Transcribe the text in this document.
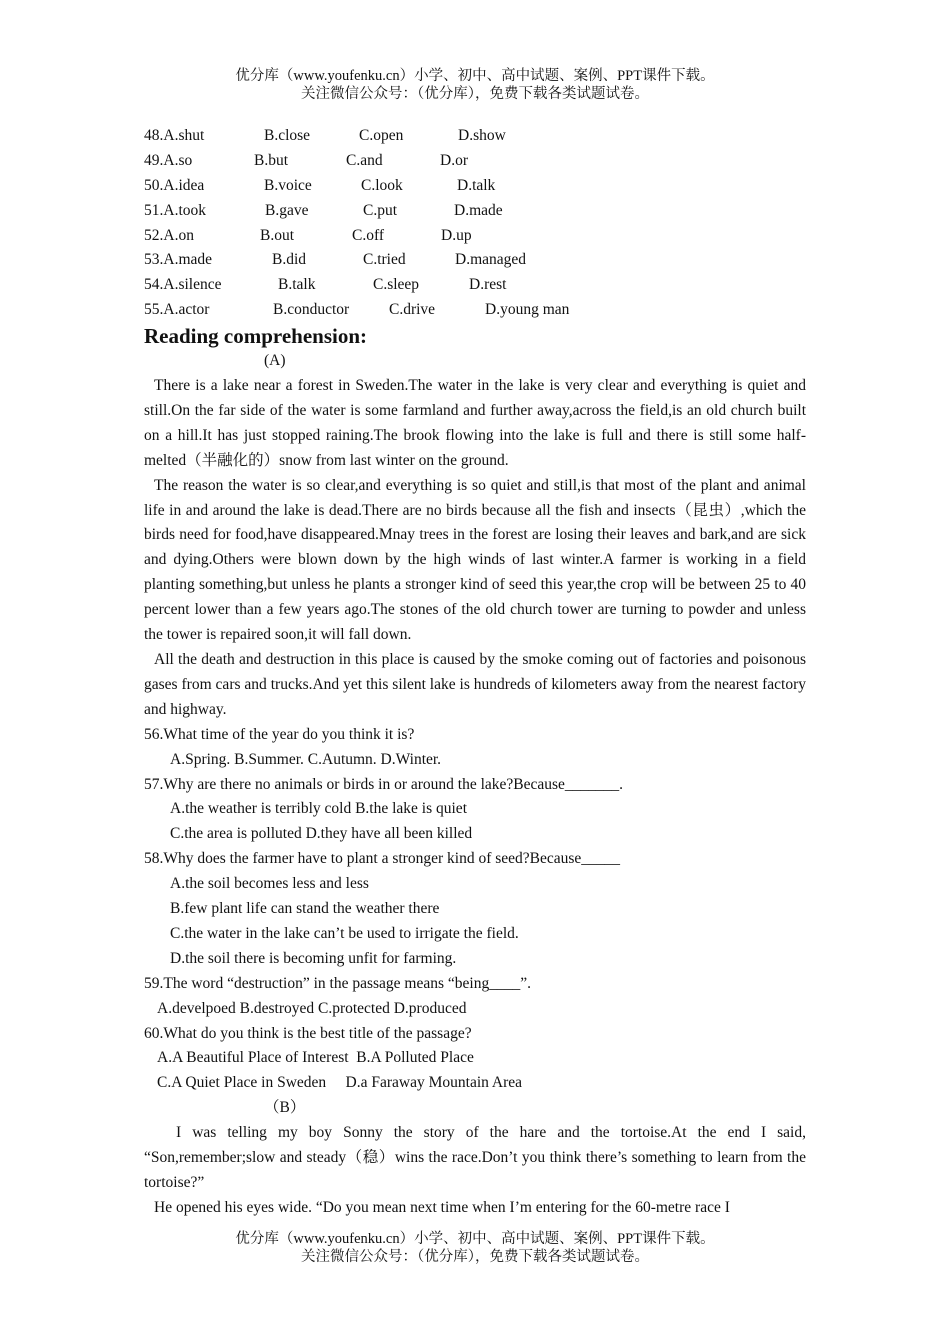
优分库（www.youfenku.cn）小学、初中、高中试题、案例、PPT课件下载。
关注微信公众号：（优分库），免费下载各类试题试卷。
48.A.shut	B.close	C.open	D.show
49.A.so	B.but	C.and	D.or
50.A.idea	B.voice	C.look	D.talk
51.A.took	B.gave	C.put	D.made
52.A.on	B.out	C.off	D.up
53.A.made	B.did	C.tried	D.managed
54.A.silence	B.talk	C.sleep	D.rest
55.A.actor	B.conductor	C.drive	D.young man
Reading comprehension:
(A)
There is a lake near a forest in Sweden.The water in the lake is very clear and everything is quiet and still.On the far side of the water is some farmland and further away,across the field,is an old church built on a hill.It has just stopped raining.The brook flowing into the lake is full and there is still some half-melted（半融化的）snow from last winter on the ground.
The reason the water is so clear,and everything is so quiet and still,is that most of the plant and animal life in and around the lake is dead.There are no birds because all the fish and insects（昆虫）,which the birds need for food,have disappeared.Mnay trees in the forest are losing their leaves and bark,and are sick and dying.Others were blown down by the high winds of last winter.A farmer is working in a field planting something,but unless he plants a stronger kind of seed this year,the crop will be between 25 to 40 percent lower than a few years ago.The stones of the old church tower are turning to powder and unless the tower is repaired soon,it will fall down.
All the death and destruction in this place is caused by the smoke coming out of factories and poisonous gases from cars and trucks.And yet this silent lake is hundreds of kilometers away from the nearest factory and highway.
56.What time of the year do you think it is?
A.Spring. B.Summer. C.Autumn. D.Winter.
57.Why are there no animals or birds in or around the lake?Because_______.
A.the weather is terribly cold B.the lake is quiet
C.the area is polluted D.they have all been killed
58.Why does the farmer have to plant a stronger kind of seed?Because_____
A.the soil becomes less and less
B.few plant life can stand the weather there
C.the water in the lake can’t be used to irrigate the field.
D.the soil there is becoming unfit for farming.
59.The word “destruction” in the passage means “being____”.
A.develpoed B.destroyed C.protected D.produced
60.What do you think is the best title of the passage?
A.A Beautiful Place of Interest  B.A Polluted Place
C.A Quiet Place in Sweden     D.a Faraway Mountain Area
（B）
I was telling my boy Sonny the story of the hare and the tortoise.At the end I said, “Son,remember;slow and steady（稳）wins the race.Don’t you think there’s something to learn from the tortoise?”
He opened his eyes wide. “Do you mean next time when I’m entering for the 60-metre race I
优分库（www.youfenku.cn）小学、初中、高中试题、案例、PPT课件下载。
关注微信公众号：（优分库），免费下载各类试题试卷。
